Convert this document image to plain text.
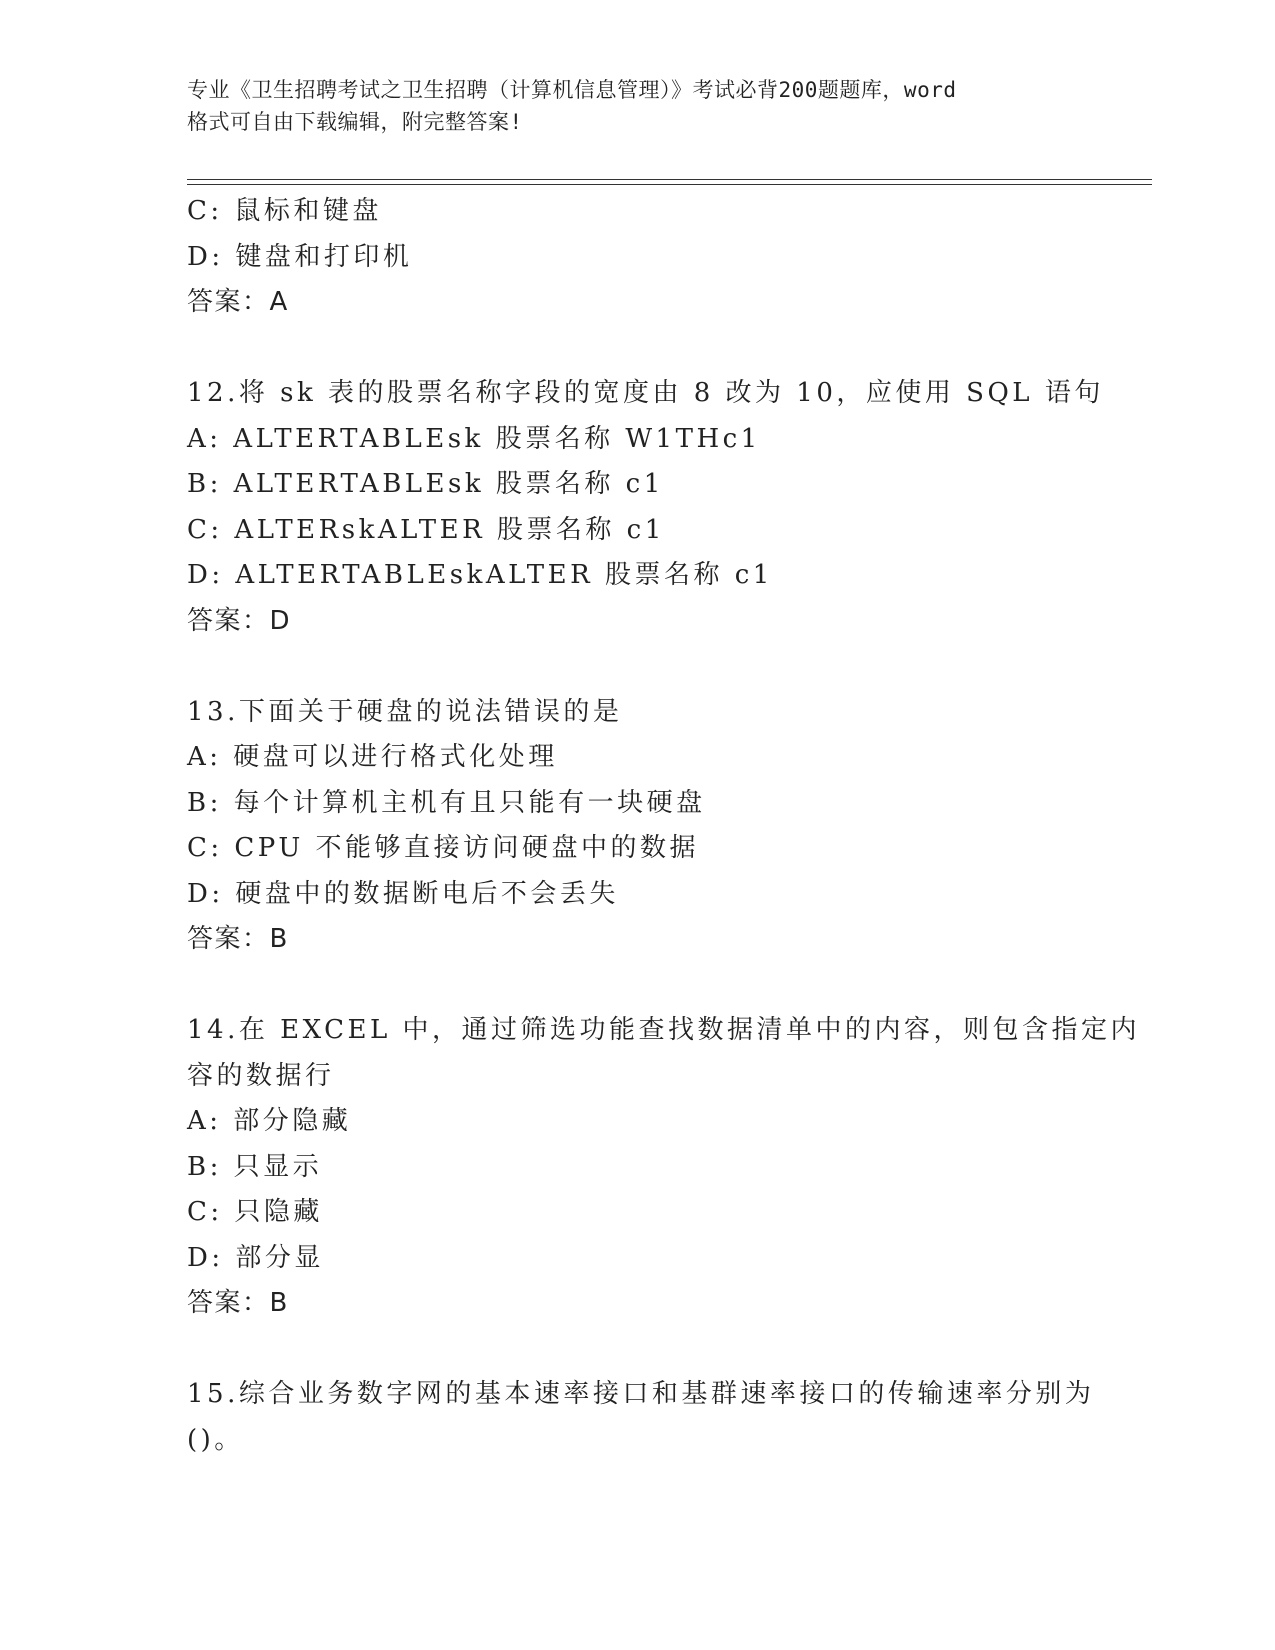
专业《卫生招聘考试之卫生招聘（计算机信息管理）》考试必背200题题库，word
格式可自由下载编辑，附完整答案!
C: 鼠标和键盘
D: 键盘和打印机
答案：A
12.将 sk 表的股票名称字段的宽度由 8 改为 10，应使用 SQL 语句
A: ALTERTABLEsk 股票名称 W1THc1
B: ALTERTABLEsk 股票名称 c1
C: ALTERskALTER 股票名称 c1
D: ALTERTABLEskALTER 股票名称 c1
答案：D
13.下面关于硬盘的说法错误的是
A: 硬盘可以进行格式化处理
B: 每个计算机主机有且只能有一块硬盘
C: CPU 不能够直接访问硬盘中的数据
D: 硬盘中的数据断电后不会丢失
答案：B
14.在 EXCEL 中，通过筛选功能查找数据清单中的内容，则包含指定内
容的数据行
A: 部分隐藏
B: 只显示
C: 只隐藏
D: 部分显
答案：B
15.综合业务数字网的基本速率接口和基群速率接口的传输速率分别为
()。
